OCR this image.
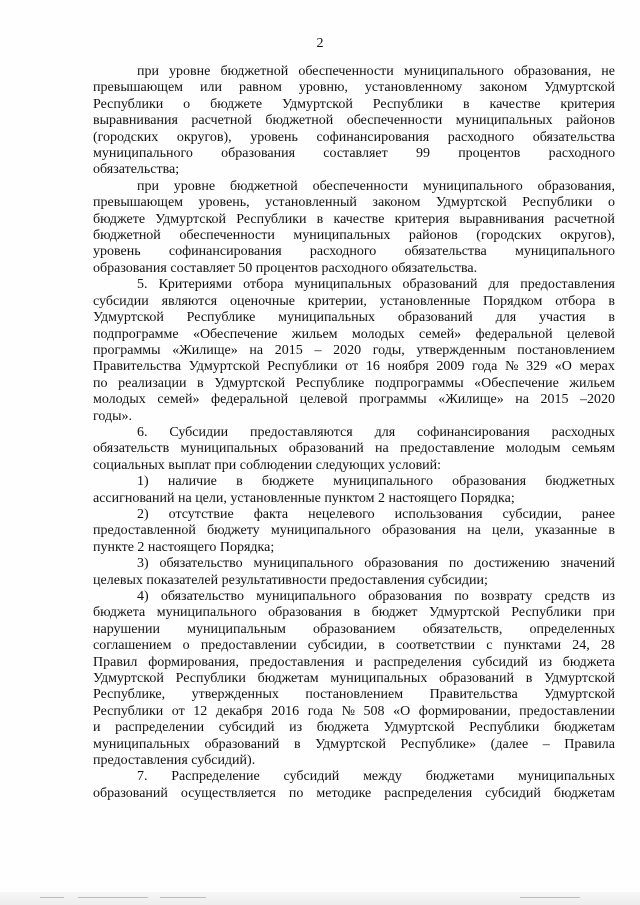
2
при уровне бюджетной обеспеченности муниципального образования, не
превышающем или равном уровню, установленному законом Удмуртской
Республики о бюджете Удмуртской Республики в качестве критерия
выравнивания расчетной бюджетной обеспеченности муниципальных районов
(городских округов), уровень софинансирования расходного обязательства
муниципального образования составляет 99 процентов расходного
обязательства;
при уровне бюджетной обеспеченности муниципального образования,
превышающем уровень, установленный законом Удмуртской Республики о
бюджете Удмуртской Республики в качестве критерия выравнивания расчетной
бюджетной обеспеченности муниципальных районов (городских округов),
уровень софинансирования расходного обязательства муниципального
образования составляет 50 процентов расходного обязательства.
5. Критериями отбора муниципальных образований для предоставления
субсидии являются оценочные критерии, установленные Порядком отбора в
Удмуртской Республике муниципальных образований для участия в
подпрограмме «Обеспечение жильем молодых семей» федеральной целевой
программы «Жилище» на 2015 – 2020 годы, утвержденным постановлением
Правительства Удмуртской Республики от 16 ноября 2009 года № 329 «О мерах
по реализации в Удмуртской Республике подпрограммы «Обеспечение жильем
молодых семей» федеральной целевой программы «Жилище» на 2015 –2020
годы».
6. Субсидии предоставляются для софинансирования расходных
обязательств муниципальных образований на предоставление молодым семьям
социальных выплат при соблюдении следующих условий:
1) наличие в бюджете муниципального образования бюджетных
ассигнований на цели, установленные пунктом 2 настоящего Порядка;
2) отсутствие факта нецелевого использования субсидии, ранее
предоставленной бюджету муниципального образования на цели, указанные в
пункте 2 настоящего Порядка;
3) обязательство муниципального образования по достижению значений
целевых показателей результативности предоставления субсидии;
4) обязательство муниципального образования по возврату средств из
бюджета муниципального образования в бюджет Удмуртской Республики при
нарушении муниципальным образованием обязательств, определенных
соглашением о предоставлении субсидии, в соответствии с пунктами 24, 28
Правил формирования, предоставления и распределения субсидий из бюджета
Удмуртской Республики бюджетам муниципальных образований в Удмуртской
Республике, утвержденных постановлением Правительства Удмуртской
Республики от 12 декабря 2016 года № 508 «О формировании, предоставлении
и распределении субсидий из бюджета Удмуртской Республики бюджетам
муниципальных образований в Удмуртской Республике» (далее – Правила
предоставления субсидий).
7. Распределение субсидий между бюджетами муниципальных
образований осуществляется по методике распределения субсидий бюджетам
